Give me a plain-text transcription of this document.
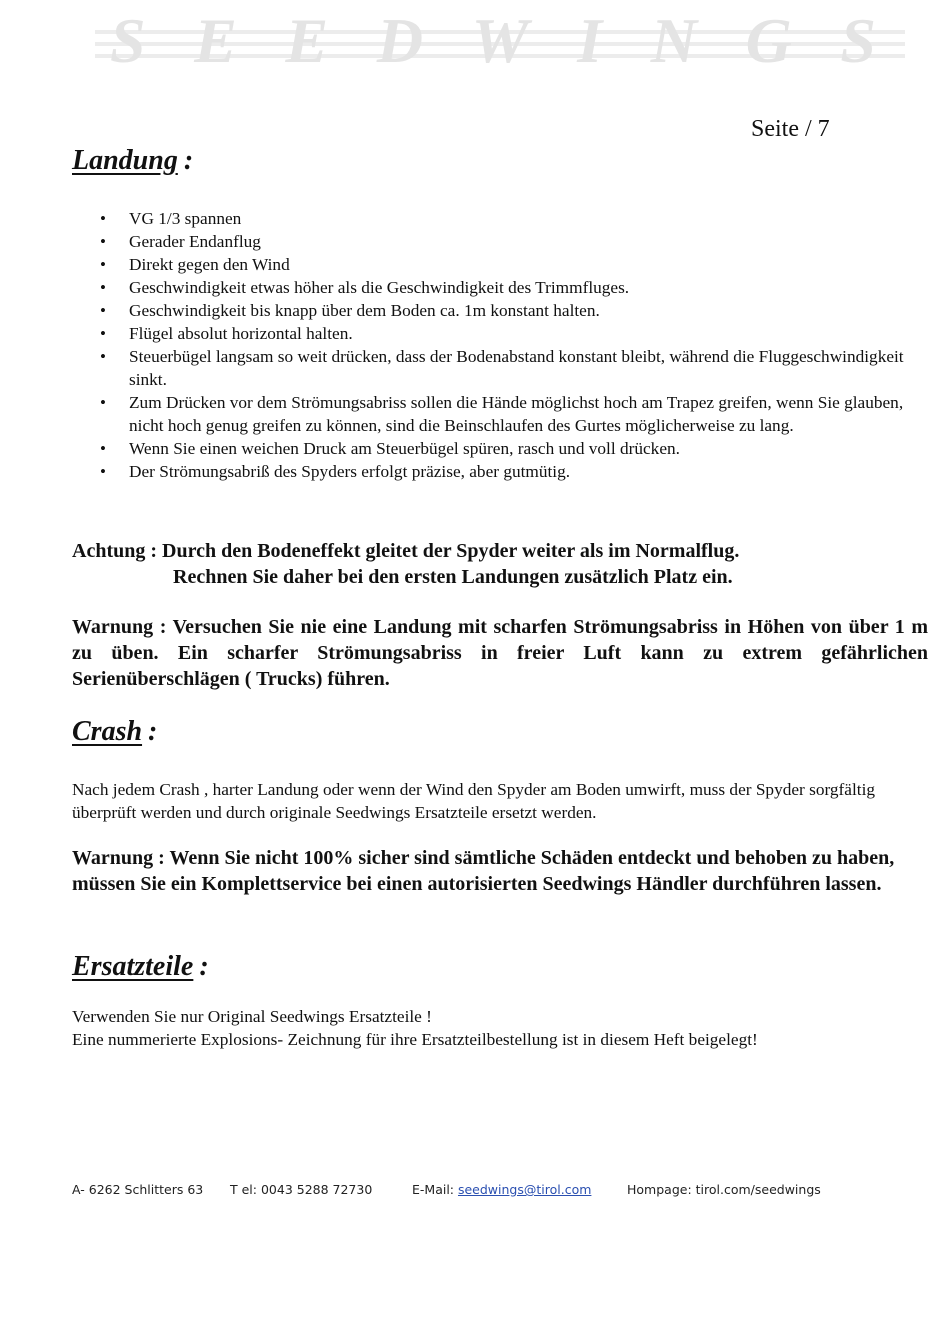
SEEDWINGS
Seite / 7
Landung :
• VG 1/3 spannen
• Gerader Endanflug
• Direkt gegen den Wind
• Geschwindigkeit etwas höher als die Geschwindigkeit des Trimmfluges.
• Geschwindigkeit bis knapp über dem Boden ca. 1m konstant halten.
• Flügel absolut horizontal halten.
• Steuerbügel langsam so weit drücken, dass der Bodenabstand konstant bleibt, während die Fluggeschwindigkeit sinkt.
• Zum Drücken vor dem Strömungsabriss sollen die Hände möglichst hoch am Trapez greifen, wenn Sie glauben, nicht hoch genug greifen zu können, sind die Beinschlaufen des Gurtes möglicherweise zu lang.
• Wenn Sie einen weichen Druck am Steuerbügel spüren, rasch und voll drücken.
• Der Strömungsabriß des Spyders erfolgt präzise, aber gutmütig.
Achtung : Durch den Bodeneffekt gleitet der Spyder weiter als im Normalflug.
Rechnen Sie daher bei den ersten Landungen zusätzlich Platz ein.
Warnung : Versuchen Sie nie eine Landung mit scharfen Strömungsabriss in Höhen von über 1 m zu üben. Ein scharfer Strömungsabriss in freier Luft kann zu extrem gefährlichen Serienüberschlägen ( Trucks) führen.
Crash :
Nach jedem Crash , harter Landung oder wenn der Wind den Spyder am Boden umwirft, muss der Spyder sorgfältig überprüft werden und durch originale Seedwings Ersatzteile ersetzt werden.
Warnung : Wenn Sie nicht 100% sicher sind sämtliche Schäden entdeckt und behoben zu haben, müssen Sie ein Komplettservice bei einen autorisierten Seedwings Händler durchführen lassen.
Ersatzteile :
Verwenden Sie nur Original Seedwings Ersatzteile !
Eine nummerierte Explosions- Zeichnung für ihre Ersatzteilbestellung ist in diesem Heft beigelegt!
A- 6262 Schlitters 63 T el: 0043 5288 72730	E-Mail: seedwings@tirol.com	Hompage: tirol.com/seedwings
